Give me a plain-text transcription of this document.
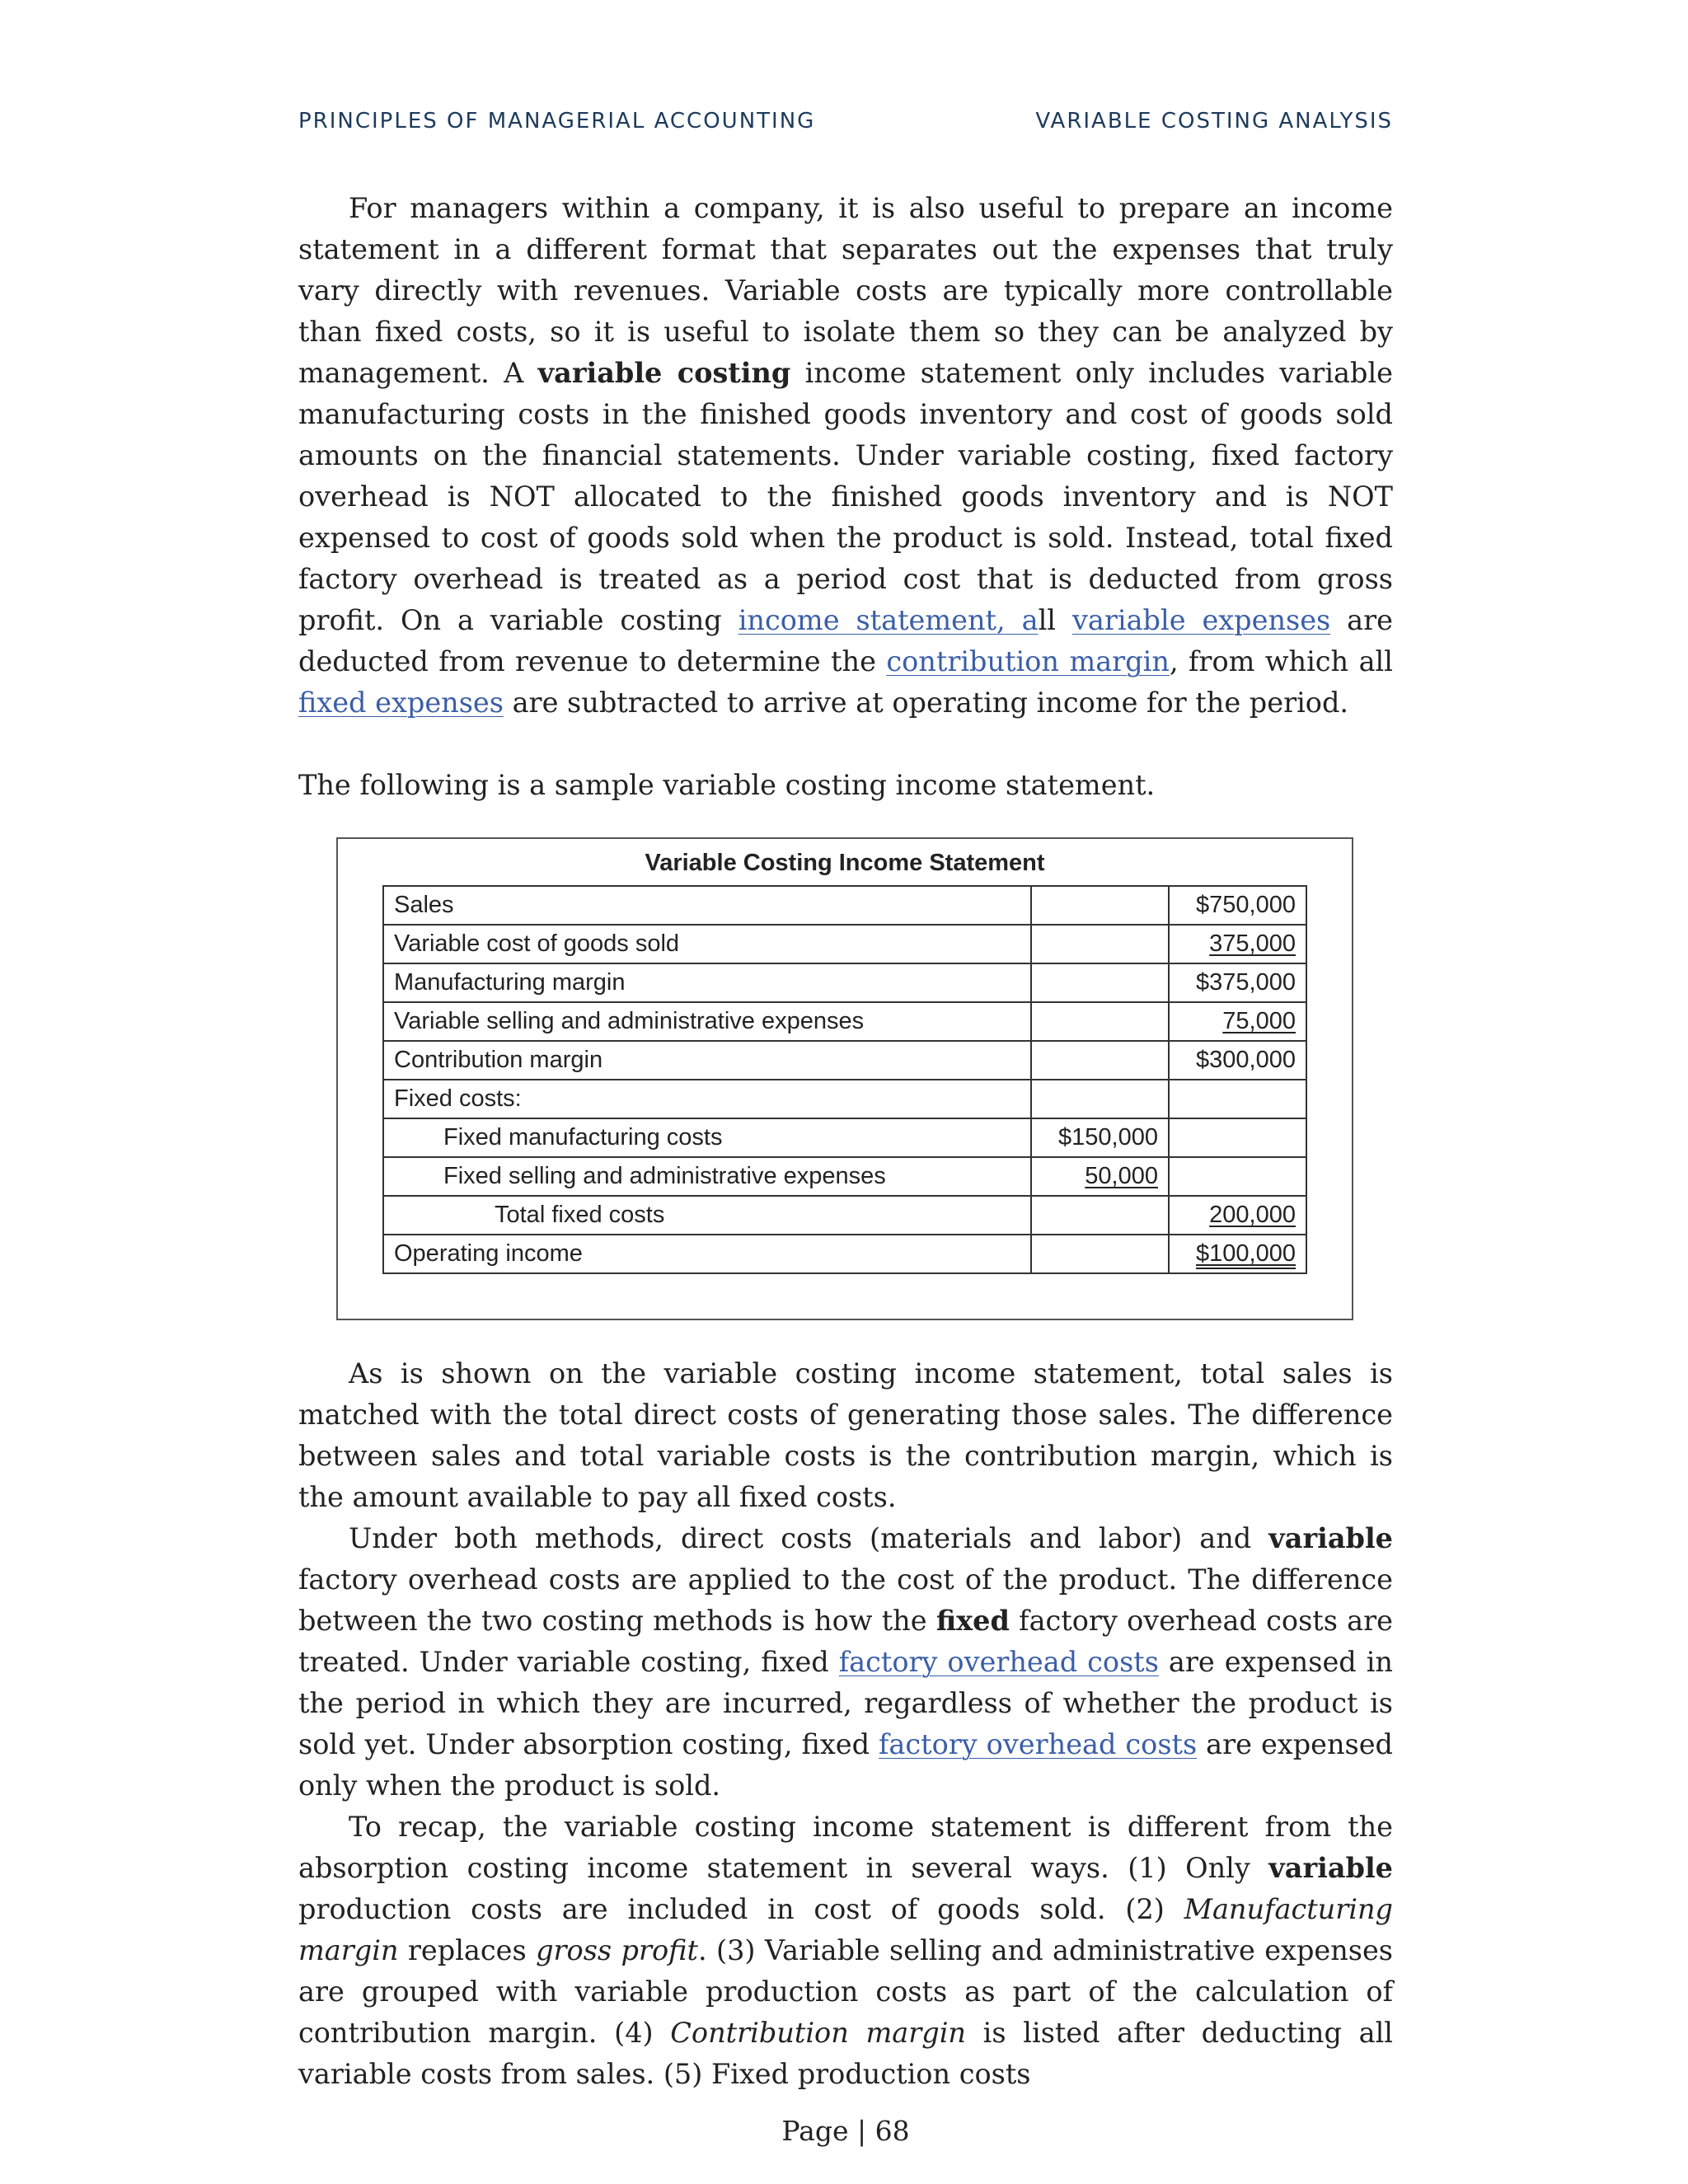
PRINCIPLES OF MANAGERIAL ACCOUNTING	VARIABLE COSTING ANALYSIS

For managers within a company, it is also useful to prepare an income statement in a different format that separates out the expenses that truly vary directly with revenues. Variable costs are typically more controllable than fixed costs, so it is useful to isolate them so they can be analyzed by management. A variable costing income statement only includes variable manufacturing costs in the finished goods inventory and cost of goods sold amounts on the financial statements. Under variable costing, fixed factory overhead is NOT allocated to the finished goods inventory and is NOT expensed to cost of goods sold when the product is sold. Instead, total fixed factory overhead is treated as a period cost that is deducted from gross profit. On a variable costing income statement, all variable expenses are deducted from revenue to determine the contribution margin, from which all fixed expenses are subtracted to arrive at operating income for the period.

The following is a sample variable costing income statement.

Variable Costing Income Statement
Sales		$750,000
Variable cost of goods sold		375,000
Manufacturing margin		$375,000
Variable selling and administrative expenses		75,000
Contribution margin		$300,000
Fixed costs:		
Fixed manufacturing costs	$150,000	
Fixed selling and administrative expenses	50,000	
Total fixed costs		200,000
Operating income		$100,000

As is shown on the variable costing income statement, total sales is matched with the total direct costs of generating those sales. The difference between sales and total variable costs is the contribution margin, which is the amount available to pay all fixed costs.

Under both methods, direct costs (materials and labor) and variable factory overhead costs are applied to the cost of the product. The difference between the two costing methods is how the fixed factory overhead costs are treated. Under variable costing, fixed factory overhead costs are expensed in the period in which they are incurred, regardless of whether the product is sold yet. Under absorption costing, fixed factory overhead costs are expensed only when the product is sold.

To recap, the variable costing income statement is different from the absorption costing income statement in several ways. (1) Only variable production costs are included in cost of goods sold. (2) Manufacturing margin replaces gross profit. (3) Variable selling and administrative expenses are grouped with variable production costs as part of the calculation of contribution margin. (4) Contribution margin is listed after deducting all variable costs from sales. (5) Fixed production costs

Page | 68
